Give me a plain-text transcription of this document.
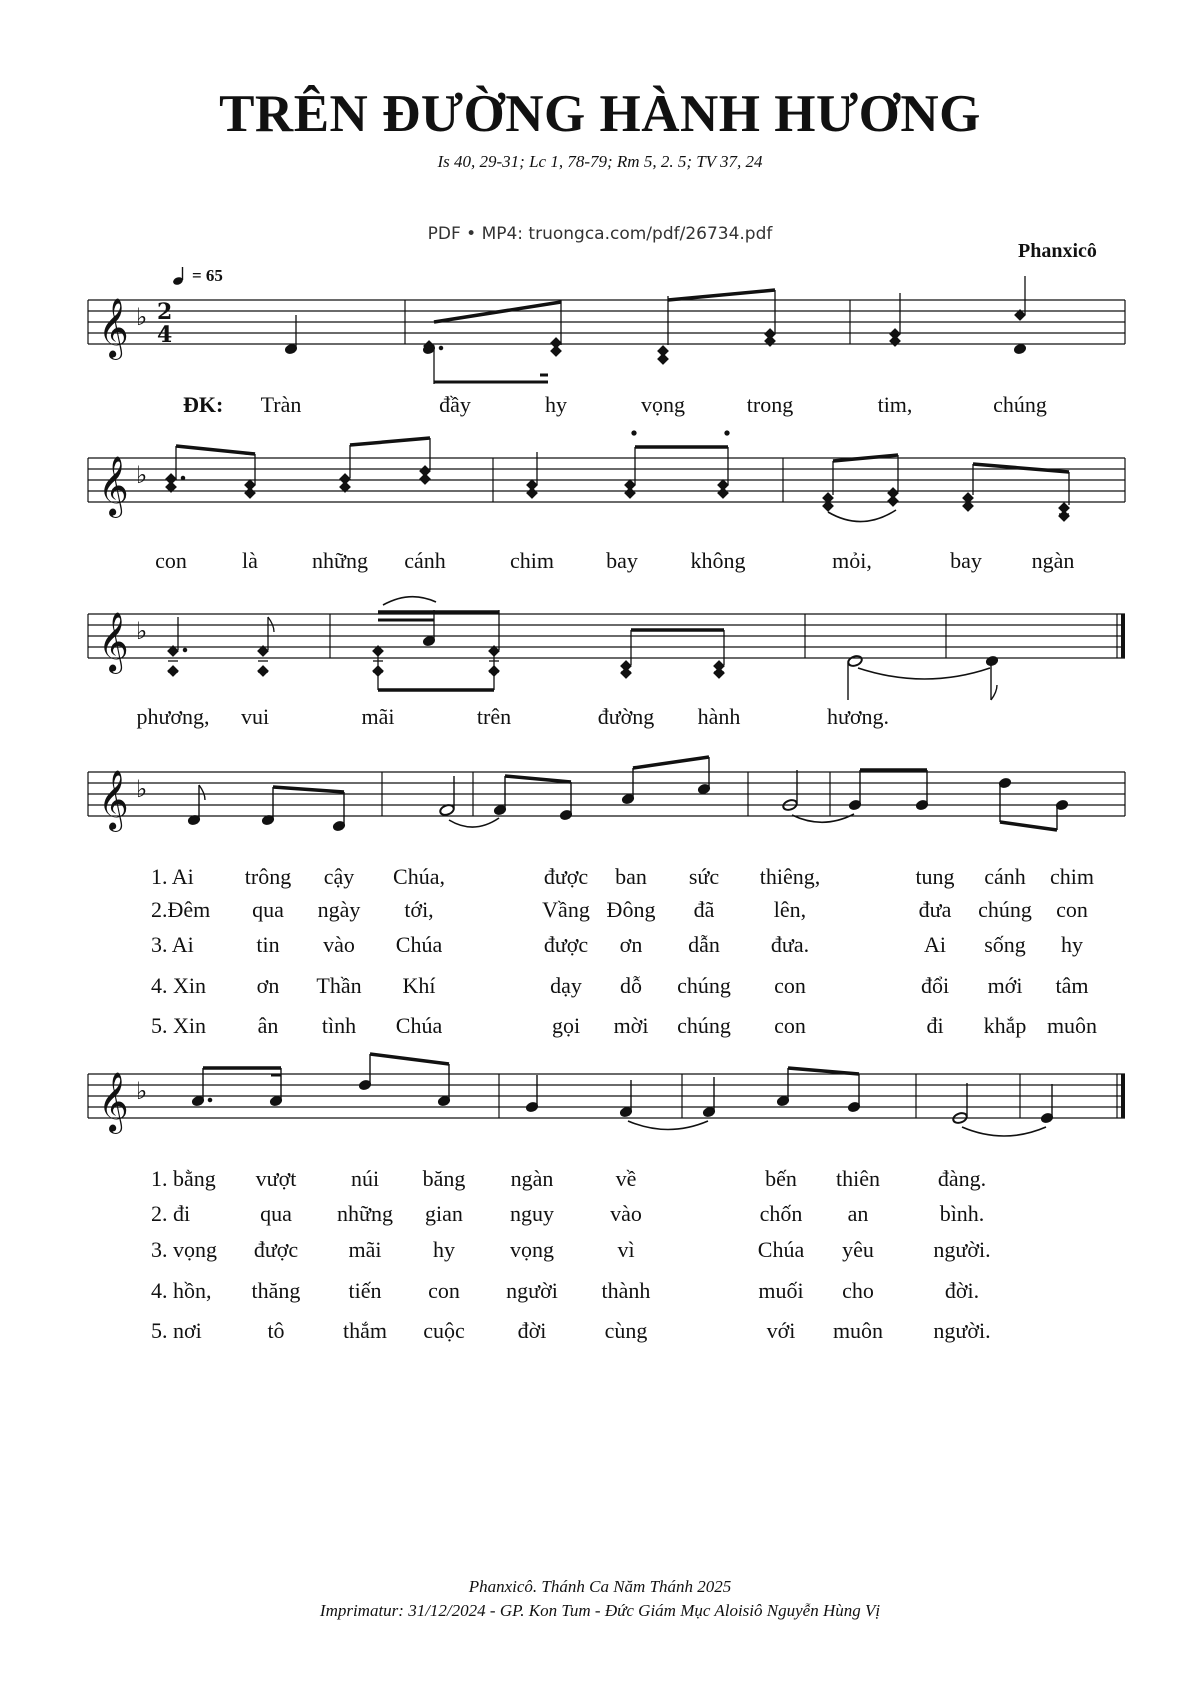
TRÊN ĐƯỜNG HÀNH HƯƠNG
Is 40, 29-31; Lc 1, 78-79; Rm 5, 2. 5; TV 37, 24
PDF • MP4: truongca.com/pdf/26734.pdf
Phanxicô
= 65
𝄞 ♭ 2
4
ĐK: Tràn	đầy	hy	vọng	trong	tim,	chúng
𝄞 ♭
con	là những cánh	chim bay không	mỏi,	bay ngàn
𝄞 ♭
phương, vui	mãi	trên	đường hành	hương.
𝄞 ♭
1. Ai trông cậy Chúa,	được ban sức thiêng,	tung cánh chim
2.Đêm qua ngày tới,	Vầng Đông đã	lên,	đưa chúng con
3. Ai	tin vào Chúa	được ơn dẫn đưa.	Ai sống hy
4. Xin ơn Thần Khí	dạy dỗ chúng con	đổi mới tâm
5. Xin ân tình Chúa	gọi mời chúng con	đi khắp muôn
𝄞 ♭
1. bằng vượt núi băng ngàn	về	bến thiên	đàng.
2. đi	qua những gian nguy	vào	chốn an	bình.
3. vọng được mãi hy	vọng	vì	Chúa yêu	người.
4. hồn, thăng tiến con người thành	muối cho	đời.
5. nơi	tô	thắm cuộc đời	cùng	với muôn người.
Phanxicô. Thánh Ca Năm Thánh 2025
Imprimatur: 31/12/2024 - GP. Kon Tum - Đức Giám Mục Aloisiô Nguyễn Hùng Vị
